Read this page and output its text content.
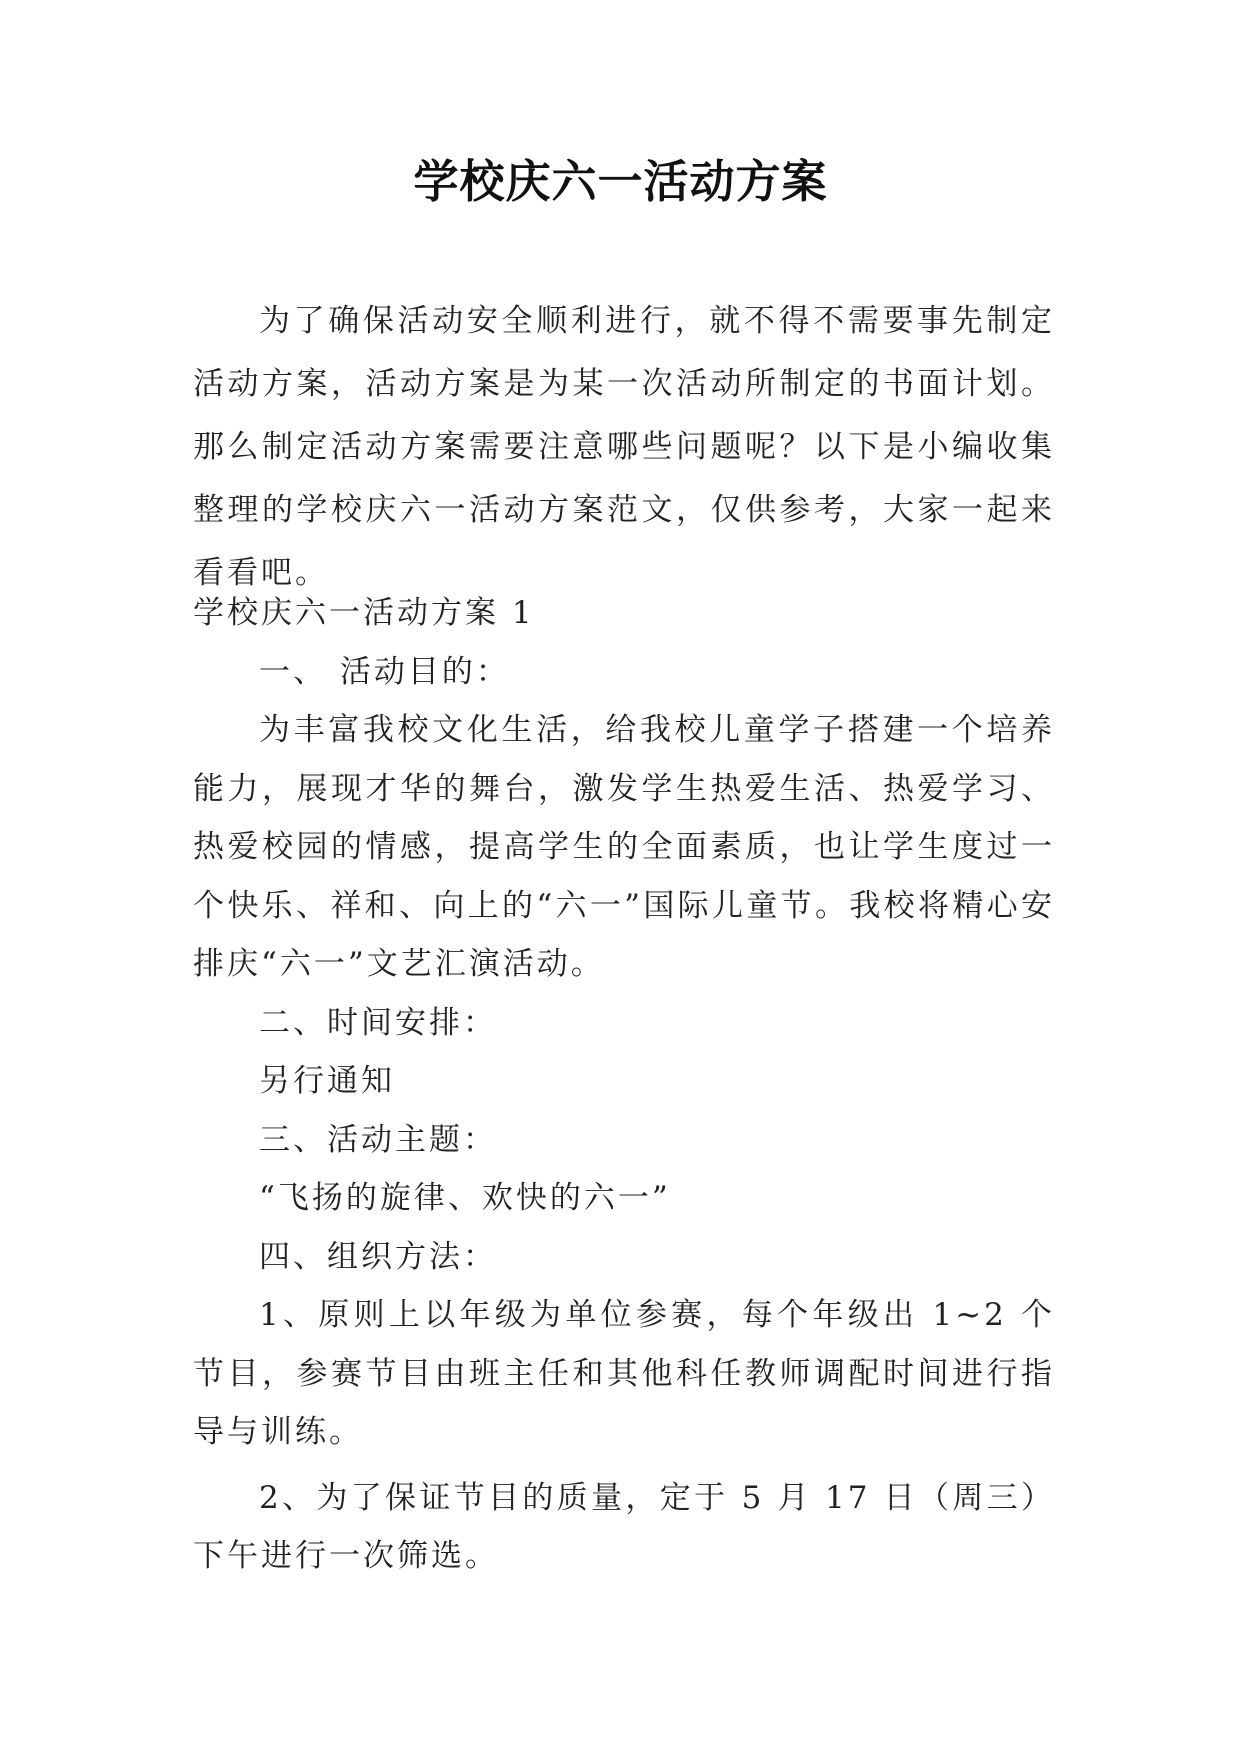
学校庆六一活动方案

为了确保活动安全顺利进行，就不得不需要事先制定活动方案，活动方案是为某一次活动所制定的书面计划。那么制定活动方案需要注意哪些问题呢？以下是小编收集整理的学校庆六一活动方案范文，仅供参考，大家一起来看看吧。

学校庆六一活动方案 1

一、 活动目的：

为丰富我校文化生活，给我校儿童学子搭建一个培养能力，展现才华的舞台，激发学生热爱生活、热爱学习、热爱校园的情感，提高学生的全面素质，也让学生度过一个快乐、祥和、向上的“六一”国际儿童节。我校将精心安排庆“六一”文艺汇演活动。

二、时间安排：

另行通知

三、活动主题：

“飞扬的旋律、欢快的六一”

四、组织方法：

1、原则上以年级为单位参赛，每个年级出 1~2 个节目，参赛节目由班主任和其他科任教师调配时间进行指导与训练。

2、为了保证节目的质量，定于 5 月 17 日（周三）下午进行一次筛选。
